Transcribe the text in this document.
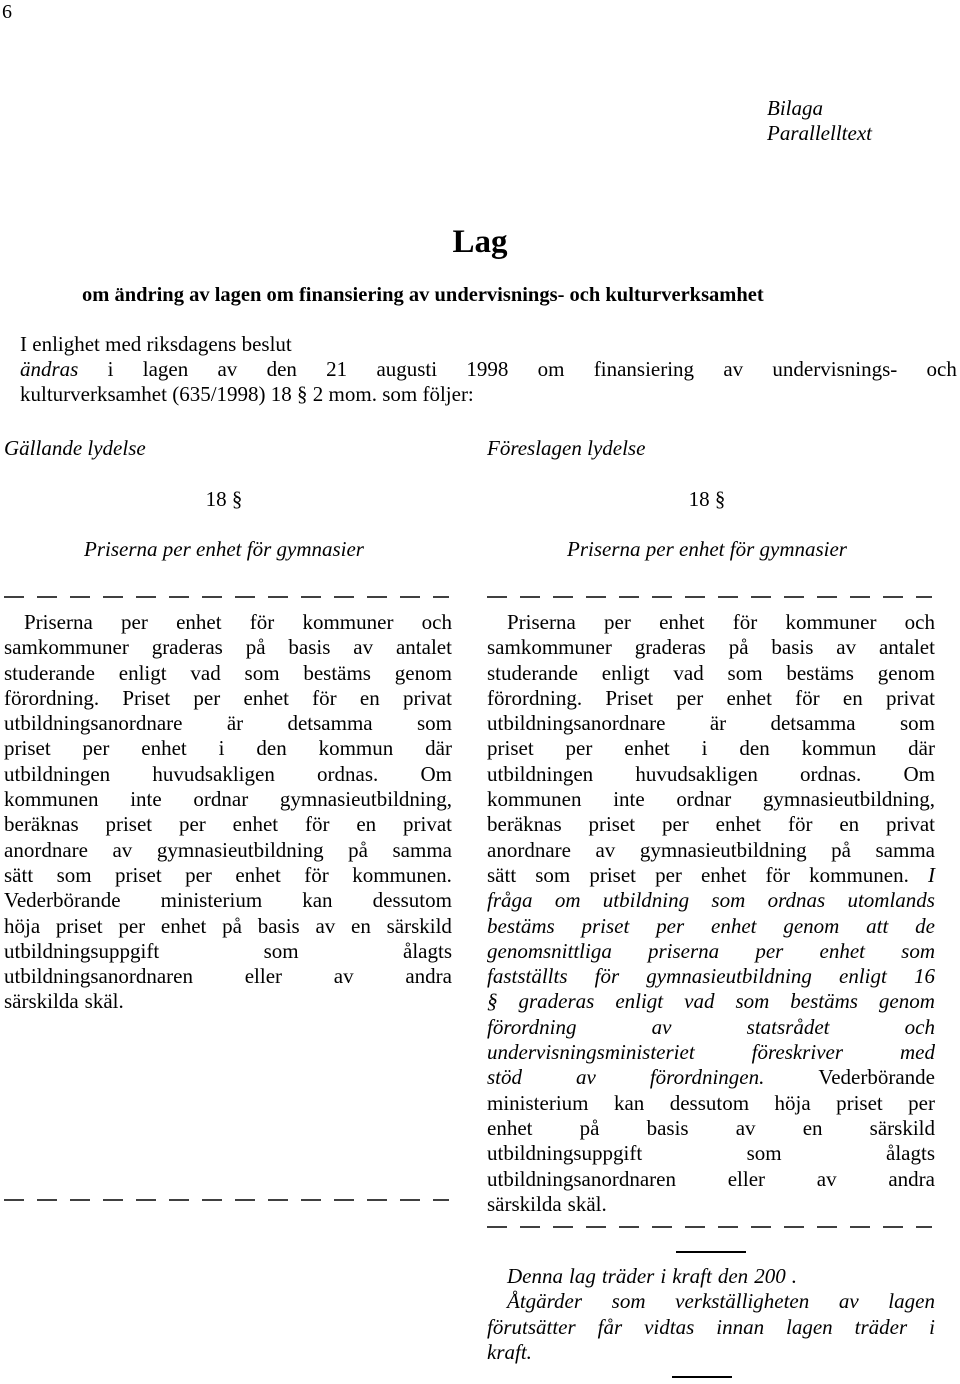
6
Bilaga
Parallelltext
Lag
om ändring av lagen om finansiering av undervisnings- och kulturverksamhet
I enlighet med riksdagens beslut
ändras i lagen av den 21 augusti 1998 om finansiering av undervisnings- och
kulturverksamhet (635/1998) 18 § 2 mom. som följer:
Gällande lydelse	Föreslagen lydelse
18 §	18 §
Priserna per enhet för gymnasier	Priserna per enhet för gymnasier
Priserna per enhet för kommuner och
samkommuner graderas på basis av antalet
studerande enligt vad som bestäms genom
förordning. Priset per enhet för en privat
utbildningsanordnare är detsamma som
priset per enhet i den kommun där
utbildningen huvudsakligen ordnas. Om
kommunen inte ordnar gymnasieutbildning,
beräknas priset per enhet för en privat
anordnare av gymnasieutbildning på samma
sätt som priset per enhet för kommunen.
Vederbörande ministerium kan dessutom
höja priset per enhet på basis av en särskild
utbildningsuppgift	som	ålagts
utbildningsanordnaren eller av andra
särskilda skäl.
Priserna per enhet för kommuner och
samkommuner graderas på basis av antalet
studerande enligt vad som bestäms genom
förordning. Priset per enhet för en privat
utbildningsanordnare är detsamma som
priset per enhet i den kommun där
utbildningen huvudsakligen ordnas. Om
kommunen inte ordnar gymnasieutbildning,
beräknas priset per enhet för en privat
anordnare av gymnasieutbildning på samma
sätt som priset per enhet för kommunen. I
fråga om utbildning som ordnas utomlands
bestäms priset per enhet genom att de
genomsnittliga priserna per enhet som
fastställts för gymnasieutbildning enligt 16
§ graderas enligt vad som bestäms genom
förordning	av	statsrådet	och
undervisningsministeriet	föreskriver	med
stöd	av	förordningen.	Vederbörande
ministerium kan dessutom höja priset per
enhet på basis av en särskild
utbildningsuppgift	som	ålagts
utbildningsanordnaren eller av andra
särskilda skäl.
Denna lag träder i kraft den 200 .
Åtgärder som verkställigheten av lagen
förutsätter får vidtas innan lagen träder i
kraft.
